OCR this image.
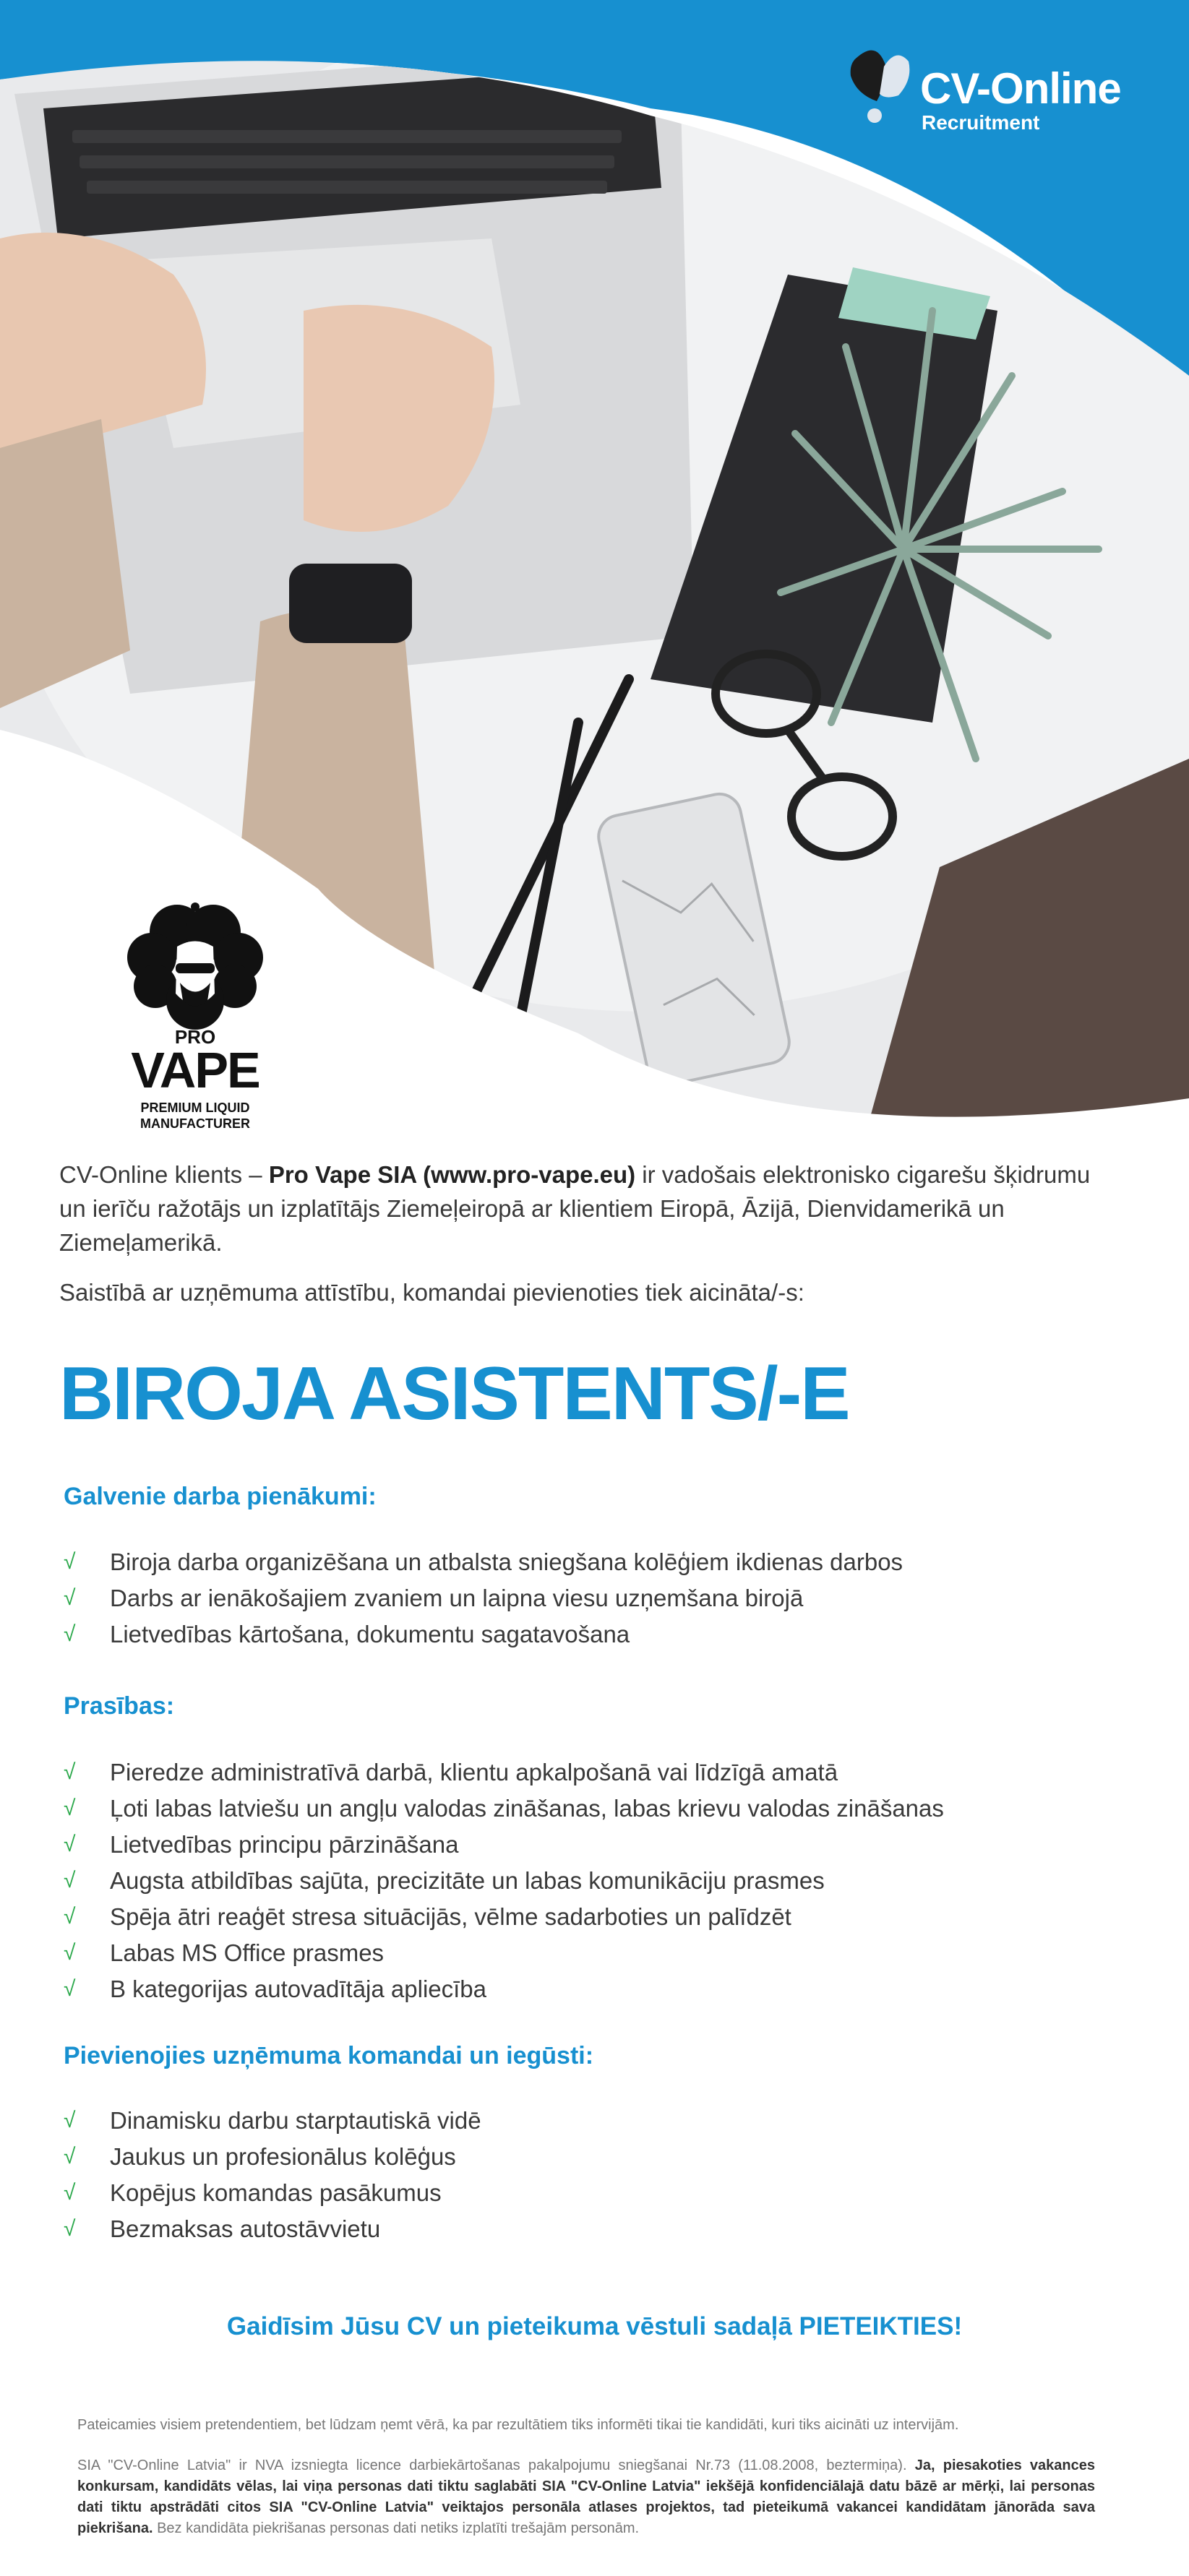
CV-Online
Recruitment
PRO
VAPE
PREMIUM LIQUID
MANUFACTURER
CV-Online klients – Pro Vape SIA (www.pro-vape.eu) ir vadošais elektronisko cigarešu šķidrumu un ierīču ražotājs un izplatītājs Ziemeļeiropā ar klientiem Eiropā, Āzijā, Dienvidamerikā un Ziemeļamerikā.
Saistībā ar uzņēmuma attīstību, komandai pievienoties tiek aicināta/-s:
BIROJA ASISTENTS/-E
Galvenie darba pienākumi:
√	Biroja darba organizēšana un atbalsta sniegšana kolēģiem ikdienas darbos
√	Darbs ar ienākošajiem zvaniem un laipna viesu uzņemšana birojā
√	Lietvedības kārtošana, dokumentu sagatavošana
Prasības:
√	Pieredze administratīvā darbā, klientu apkalpošanā vai līdzīgā amatā
√	Ļoti labas latviešu un angļu valodas zināšanas, labas krievu valodas zināšanas
√	Lietvedības principu pārzināšana
√	Augsta atbildības sajūta, precizitāte un labas komunikāciju prasmes
√	Spēja ātri reaģēt stresa situācijās, vēlme sadarboties un palīdzēt
√	Labas MS Office prasmes
√	B kategorijas autovadītāja apliecība
Pievienojies uzņēmuma komandai un iegūsti:
√	Dinamisku darbu starptautiskā vidē
√	Jaukus un profesionālus kolēģus
√	Kopējus komandas pasākumus
√	Bezmaksas autostāvvietu
Gaidīsim Jūsu CV un pieteikuma vēstuli sadaļā PIETEIKTIES!
Pateicamies visiem pretendentiem, bet lūdzam ņemt vērā, ka par rezultātiem tiks informēti tikai tie kandidāti, kuri tiks aicināti uz intervijām.
SIA "CV-Online Latvia" ir NVA izsniegta licence darbiekārtošanas pakalpojumu sniegšanai Nr.73 (11.08.2008, beztermiņa). Ja, piesakoties vakances konkursam, kandidāts vēlas, lai viņa personas dati tiktu saglabāti SIA "CV-Online Latvia" iekšējā konfidenciālajā datu bāzē ar mērķi, lai personas dati tiktu apstrādāti citos SIA "CV-Online Latvia" veiktajos personāla atlases projektos, tad pieteikumā vakancei kandidātam jānorāda sava piekrišana. Bez kandidāta piekrišanas personas dati netiks izplatīti trešajām personām.
